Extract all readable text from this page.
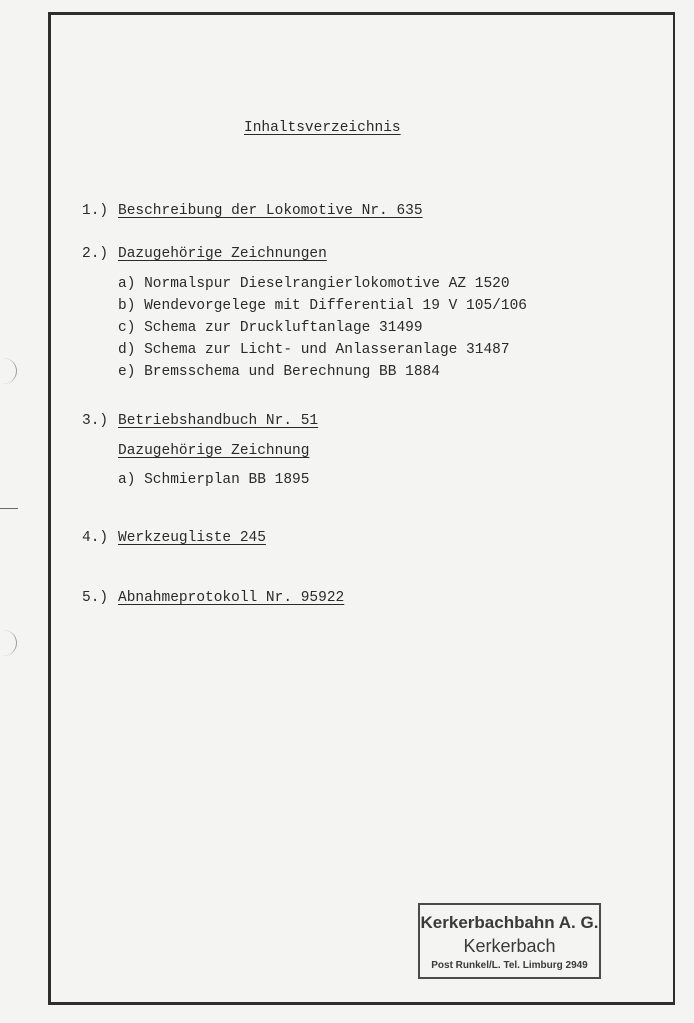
Inhaltsverzeichnis
1.) Beschreibung der Lokomotive Nr. 635
2.) Dazugehörige Zeichnungen
a) Normalspur Dieselrangierlokomotive AZ 1520
b) Wendevorgelege mit Differential 19 V 105/106
c) Schema zur Druckluftanlage 31499
d) Schema zur Licht- und Anlasseranlage 31487
e) Bremsschema und Berechnung BB 1884
3.) Betriebshandbuch Nr. 51
Dazugehörige Zeichnung
a) Schmierplan BB 1895
4.) Werkzeugliste 245
5.) Abnahmeprotokoll Nr. 95922
Kerkerbachbahn A. G.
Kerkerbach
Post Runkel/L. Tel. Limburg 2949
